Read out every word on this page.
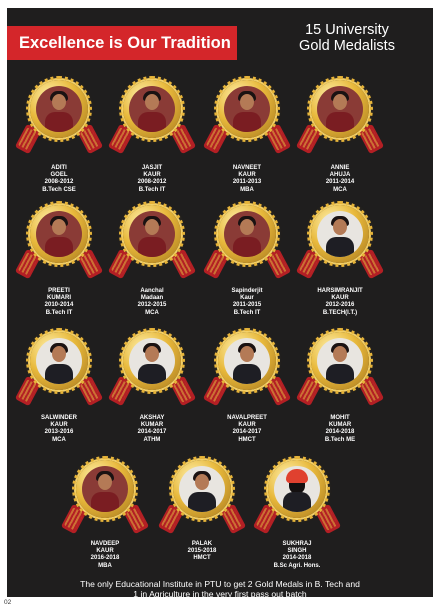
Excellence is Our Tradition
15 University
Gold Medalists
ADITI
GOEL
2008-2012
B.Tech CSE
JASJIT
KAUR
2008-2012
B.Tech IT
NAVNEET
KAUR
2011-2013
MBA
ANNIE
AHUJA
2011-2014
MCA
PREETI
KUMARI
2010-2014
B.Tech IT
Aanchal
Madaan
2012-2015
MCA
Sapinderjit
Kaur
2011-2015
B.Tech IT
HARSIMRANJIT
KAUR
2012-2016
B.TECH(I.T.)
SALWINDER
KAUR
2013-2016
MCA
AKSHAY
KUMAR
2014-2017
ATHM
NAVALPREET
KAUR
2014-2017
HMCT
MOHIT
KUMAR
2014-2018
B.Tech ME
NAVDEEP
KAUR
2016-2018
MBA
PALAK
2015-2018
HMCT
SUKHRAJ
SINGH
2014-2018
B.Sc Agri. Hons.
The only Educational Institute in PTU to get 2 Gold Medals in B. Tech and
1 in Agriculture in the very first pass out batch
02
